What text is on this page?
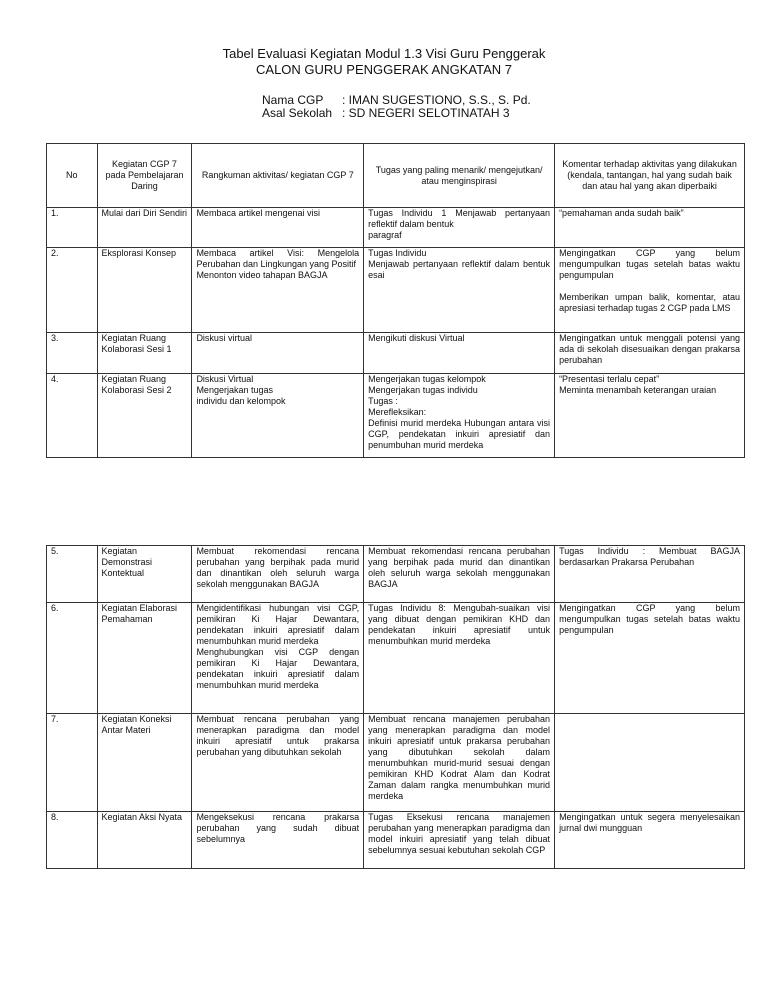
Tabel Evaluasi Kegiatan Modul 1.3 Visi Guru Penggerak
CALON GURU PENGGERAK ANGKATAN 7
Nama CGP : IMAN SUGESTIONO, S.S., S. Pd.
Asal Sekolah : SD NEGERI SELOTINATAH 3
No	Kegiatan CGP 7 pada Pembelajaran Daring	Rangkuman aktivitas/ kegiatan CGP 7	Tugas yang paling menarik/ mengejutkan/ atau menginspirasi	Komentar terhadap aktivitas yang dilakukan (kendala, tantangan, hal yang sudah baik dan atau hal yang akan diperbaiki
1.	Mulai dari Diri Sendiri	Membaca artikel mengenai visi	Tugas Individu 1 Menjawab pertanyaan reflektif dalam bentuk
paragraf	“pemahaman anda sudah baik”

2.	Eksplorasi Konsep	Membaca artikel Visi: Mengelola Perubahan dan Lingkungan yang Positif
Menonton video tahapan BAGJA	Tugas Individu
Menjawab pertanyaan reflektif dalam bentuk esai	Mengingatkan CGP yang belum mengumpulkan tugas setelah batas waktu pengumpulan
Memberikan umpan balik, komentar, atau apresiasi terhadap tugas 2 CGP pada LMS

3.	Kegiatan Ruang Kolaborasi Sesi 1	Diskusi virtual	Mengikuti diskusi Virtual	Mengingatkan untuk menggali potensi yang ada di sekolah disesuaikan dengan prakarsa perubahan

4.	Kegiatan Ruang Kolaborasi Sesi 2	Diskusi Virtual
Mengerjakan tugas
individu dan kelompok	Mengerjakan tugas kelompok
Mengerjakan tugas individu
Tugas :
Merefleksikan:
Definisi murid merdeka Hubungan antara visi CGP, pendekatan inkuiri apresiatif dan penumbuhan murid merdeka	“Presentasi terlalu cepat”
Meminta menambah keterangan uraian
5.	Kegiatan Demonstrasi Kontektual	Membuat rekomendasi rencana perubahan yang berpihak pada murid dan dinantikan oleh seluruh warga sekolah menggunakan BAGJA	Membuat rekomendasi rencana perubahan yang berpihak pada murid dan dinantikan oleh seluruh warga sekolah menggunakan BAGJA	Tugas Individu : Membuat BAGJA berdasarkan Prakarsa Perubahan

6.	Kegiatan Elaborasi Pemahaman	Mengidentifikasi hubungan visi CGP, pemikiran Ki Hajar Dewantara, pendekatan inkuiri apresiatif dalam menumbuhkan murid merdeka
Menghubungkan visi CGP dengan pemikiran Ki Hajar Dewantara, pendekatan inkuiri apresiatif dalam menumbuhkan murid merdeka	Tugas Individu 8: Mengubah-suaikan visi yang dibuat dengan pemikiran KHD dan pendekatan inkuiri apresiatif untuk menumbuhkan murid merdeka	Mengingatkan CGP yang belum mengumpulkan tugas setelah batas waktu pengumpulan

7.	Kegiatan Koneksi Antar Materi	Membuat rencana perubahan yang menerapkan paradigma dan model inkuiri apresiatif untuk prakarsa perubahan yang dibutuhkan sekolah	Membuat rencana manajemen perubahan yang menerapkan paradigma dan model inkuiri apresiatif untuk prakarsa perubahan yang dibutuhkan sekolah dalam menumbuhkan murid-murid sesuai dengan pemikiran KHD Kodrat Alam dan Kodrat Zaman dalam rangka menumbuhkan murid merdeka	

8.	Kegiatan Aksi Nyata	Mengeksekusi rencana prakarsa perubahan yang sudah dibuat sebelumnya	Tugas Eksekusi rencana manajemen perubahan yang menerapkan paradigma dan model inkuiri apresiatif yang telah dibuat sebelumnya sesuai kebutuhan sekolah CGP	Mengingatkan untuk segera menyelesaikan jurnal dwi mungguan
